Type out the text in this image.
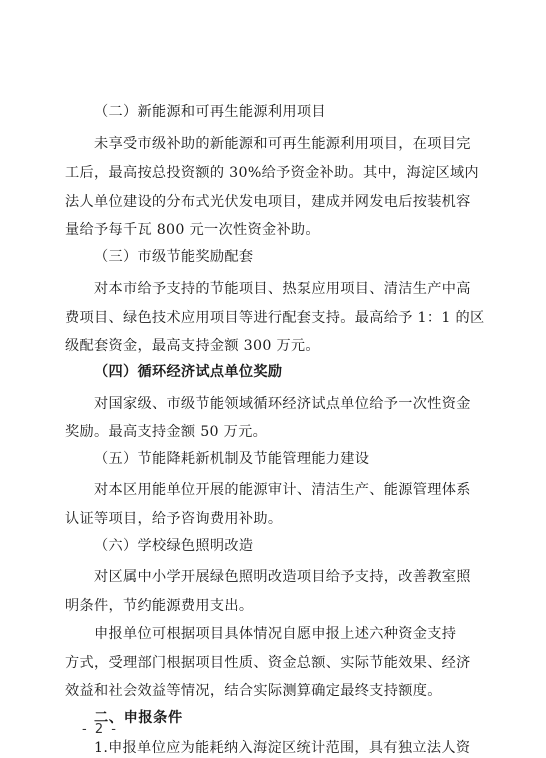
（二）新能源和可再生能源利用项目
未享受市级补助的新能源和可再生能源利用项目，在项目完
工后，最高按总投资额的 30%给予资金补助。其中，海淀区域内
法人单位建设的分布式光伏发电项目，建成并网发电后按装机容
量给予每千瓦 800 元一次性资金补助。
（三）市级节能奖励配套
对本市给予支持的节能项目、热泵应用项目、清洁生产中高
费项目、绿色技术应用项目等进行配套支持。最高给予 1：1 的区
级配套资金，最高支持金额 300 万元。
（四）循环经济试点单位奖励
对国家级、市级节能领域循环经济试点单位给予一次性资金
奖励。最高支持金额 50 万元。
（五）节能降耗新机制及节能管理能力建设
对本区用能单位开展的能源审计、清洁生产、能源管理体系
认证等项目，给予咨询费用补助。
（六）学校绿色照明改造
对区属中小学开展绿色照明改造项目给予支持，改善教室照
明条件，节约能源费用支出。
申报单位可根据项目具体情况自愿申报上述六种资金支持
方式，受理部门根据项目性质、资金总额、实际节能效果、经济
效益和社会效益等情况，结合实际测算确定最终支持额度。
二、申报条件
1.申报单位应为能耗纳入海淀区统计范围，具有独立法人资
- 2 -
